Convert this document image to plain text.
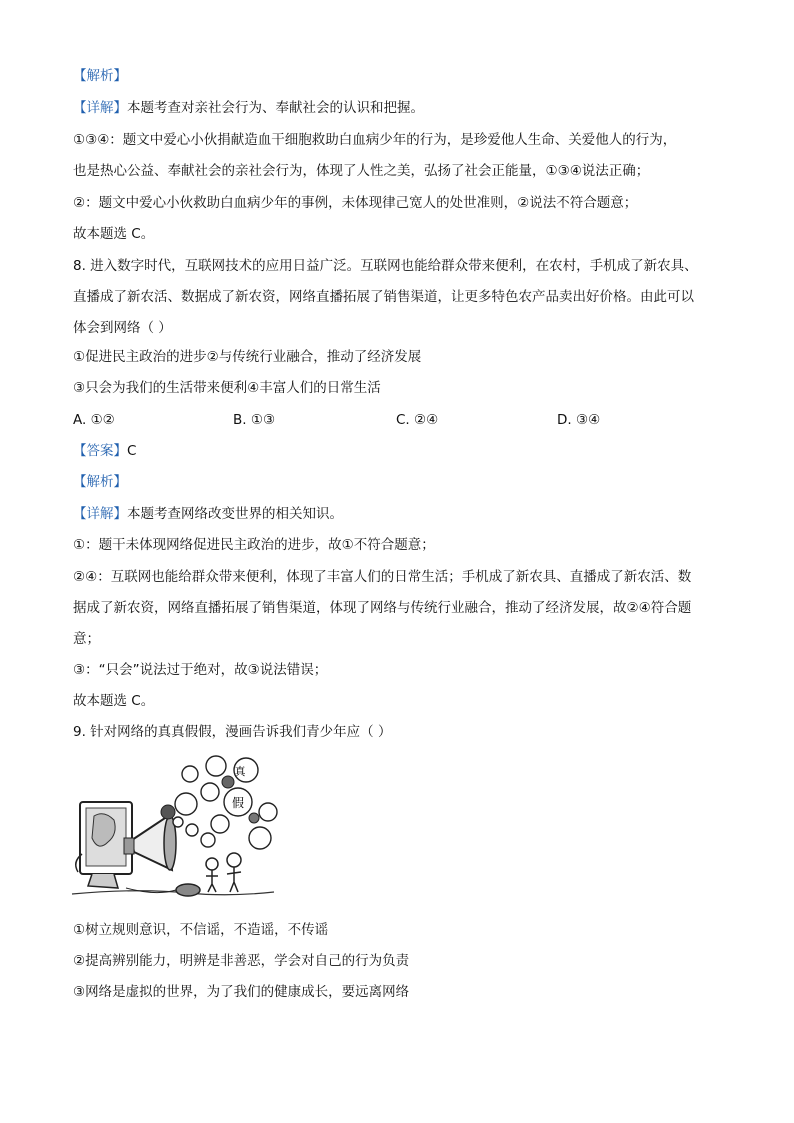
【解析】
【详解】本题考查对亲社会行为、奉献社会的认识和把握。
①③④：题文中爱心小伙捐献造血干细胞救助白血病少年的行为，是珍爱他人生命、关爱他人的行为，
也是热心公益、奉献社会的亲社会行为，体现了人性之美，弘扬了社会正能量，①③④说法正确；
②：题文中爱心小伙救助白血病少年的事例，未体现律己宽人的处世准则，②说法不符合题意；
故本题选 C。
8. 进入数字时代，互联网技术的应用日益广泛。互联网也能给群众带来便利，在农村，手机成了新农具、
直播成了新农活、数据成了新农资，网络直播拓展了销售渠道，让更多特色农产品卖出好价格。由此可以
体会到网络（ ）
①促进民主政治的进步②与传统行业融合，推动了经济发展
③只会为我们的生活带来便利④丰富人们的日常生活
A. ①②	B. ①③	C. ②④	D. ③④
【答案】C
【解析】
【详解】本题考查网络改变世界的相关知识。
①：题干未体现网络促进民主政治的进步，故①不符合题意；
②④：互联网也能给群众带来便利，体现了丰富人们的日常生活；手机成了新农具、直播成了新农活、数
据成了新农资，网络直播拓展了销售渠道，体现了网络与传统行业融合，推动了经济发展，故②④符合题
意；
③：“只会”说法过于绝对，故③说法错误；
故本题选 C。
9. 针对网络的真真假假，漫画告诉我们青少年应（ ）
真
假
①树立规则意识，不信谣，不造谣，不传谣
②提高辨别能力，明辨是非善恶，学会对自己的行为负责
③网络是虚拟的世界，为了我们的健康成长，要远离网络
